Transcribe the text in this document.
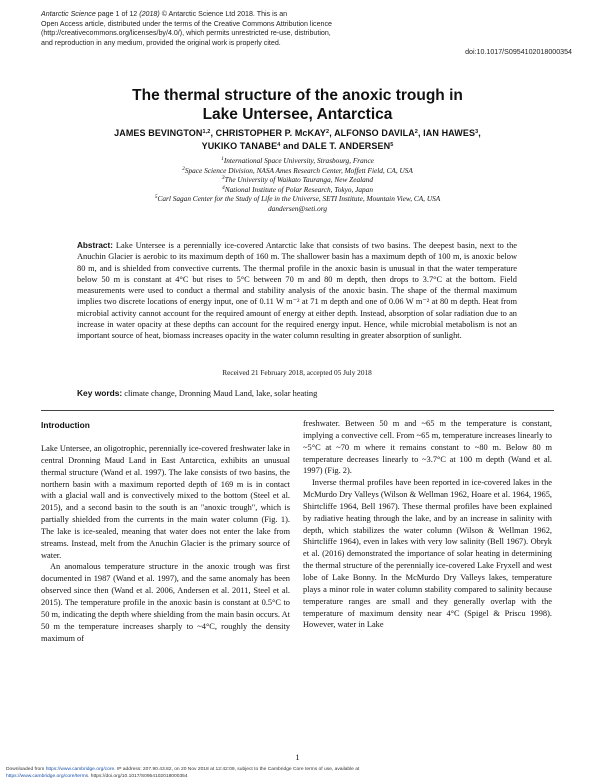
Antarctic Science page 1 of 12 (2018) © Antarctic Science Ltd 2018. This is an
Open Access article, distributed under the terms of the Creative Commons Attribution licence
(http://creativecommons.org/licenses/by/4.0/), which permits unrestricted re-use, distribution,
and reproduction in any medium, provided the original work is properly cited.
doi:10.1017/S0954102018000354
The thermal structure of the anoxic trough in
Lake Untersee, Antarctica
JAMES BEVINGTON$^{1,2}$, CHRISTOPHER P. McKAY$^2$, ALFONSO DAVILA$^2$, IAN HAWES$^3$,
YUKIKO TANABE$^4$ and DALE T. ANDERSEN$^5$
$^1$International Space University, Strasbourg, France
$^2$Space Science Division, NASA Ames Research Center, Moffett Field, CA, USA
$^3$The University of Waikato Tauranga, New Zealand
$^4$National Institute of Polar Research, Tokyo, Japan
$^5$Carl Sagan Center for the Study of Life in the Universe, SETI Institute, Mountain View, CA, USA
dandersen@seti.org
Abstract: Lake Untersee is a perennially ice-covered Antarctic lake that consists of two basins. The deepest basin, next to the Anuchin Glacier is aerobic to its maximum depth of 160 m. The shallower basin has a maximum depth of 100 m, is anoxic below 80 m, and is shielded from convective currents. The thermal profile in the anoxic basin is unusual in that the water temperature below 50 m is constant at 4°C but rises to 5°C between 70 m and 80 m depth, then drops to 3.7°C at the bottom. Field measurements were used to conduct a thermal and stability analysis of the anoxic basin. The shape of the thermal maximum implies two discrete locations of energy input, one of 0.11 W m⁻² at 71 m depth and one of 0.06 W m⁻² at 80 m depth. Heat from microbial activity cannot account for the required amount of energy at either depth. Instead, absorption of solar radiation due to an increase in water opacity at these depths can account for the required energy input. Hence, while microbial metabolism is not an important source of heat, biomass increases opacity in the water column resulting in greater absorption of sunlight.
Received 21 February 2018, accepted 05 July 2018
Key words: climate change, Dronning Maud Land, lake, solar heating
Introduction

Lake Untersee, an oligotrophic, perennially ice-covered freshwater lake in central Dronning Maud Land in East Antarctica, exhibits an unusual thermal structure (Wand et al. 1997). The lake consists of two basins, the northern basin with a maximum reported depth of 169 m is in contact with a glacial wall and is convectively mixed to the bottom (Steel et al. 2015), and a second basin to the south is an "anoxic trough", which is partially shielded from the currents in the main water column (Fig. 1). The lake is ice-sealed, meaning that water does not enter the lake from streams. Instead, melt from the Anuchin Glacier is the primary source of water.

An anomalous temperature structure in the anoxic trough was first documented in 1987 (Wand et al. 1997), and the same anomaly has been observed since then (Wand et al. 2006, Andersen et al. 2011, Steel et al. 2015). The temperature profile in the anoxic basin is constant at 0.5°C to 50 m, indicating the depth where shielding from the main basin occurs. At 50 m the temperature increases sharply to ~4°C, roughly the density maximum of

freshwater. Between 50 m and ~65 m the temperature is constant, implying a convective cell. From ~65 m, temperature increases linearly to ~5°C at ~70 m where it remains constant to ~80 m. Below 80 m temperature decreases linearly to ~3.7°C at 100 m depth (Wand et al. 1997) (Fig. 2).

Inverse thermal profiles have been reported in ice-covered lakes in the McMurdo Dry Valleys (Wilson & Wellman 1962, Hoare et al. 1964, 1965, Shirtcliffe 1964, Bell 1967). These thermal profiles have been explained by radiative heating through the lake, and by an increase in salinity with depth, which stabilizes the water column (Wilson & Wellman 1962, Shirtcliffe 1964), even in lakes with very low salinity (Bell 1967). Obryk et al. (2016) demonstrated the importance of solar heating in determining the thermal structure of the perennially ice-covered Lake Fryxell and west lobe of Lake Bonny. In the McMurdo Dry Valleys lakes, temperature plays a minor role in water column stability compared to salinity because temperature ranges are small and they generally overlap with the temperature of maximum density near 4°C (Spigel & Priscu 1998). However, water in Lake

1
Downloaded from https://www.cambridge.org/core. IP address: 207.90.43.82, on 20 Nov 2018 at 12:42:09, subject to the Cambridge Core terms of use, available at
https://www.cambridge.org/core/terms. https://doi.org/10.1017/S0954102018000354
